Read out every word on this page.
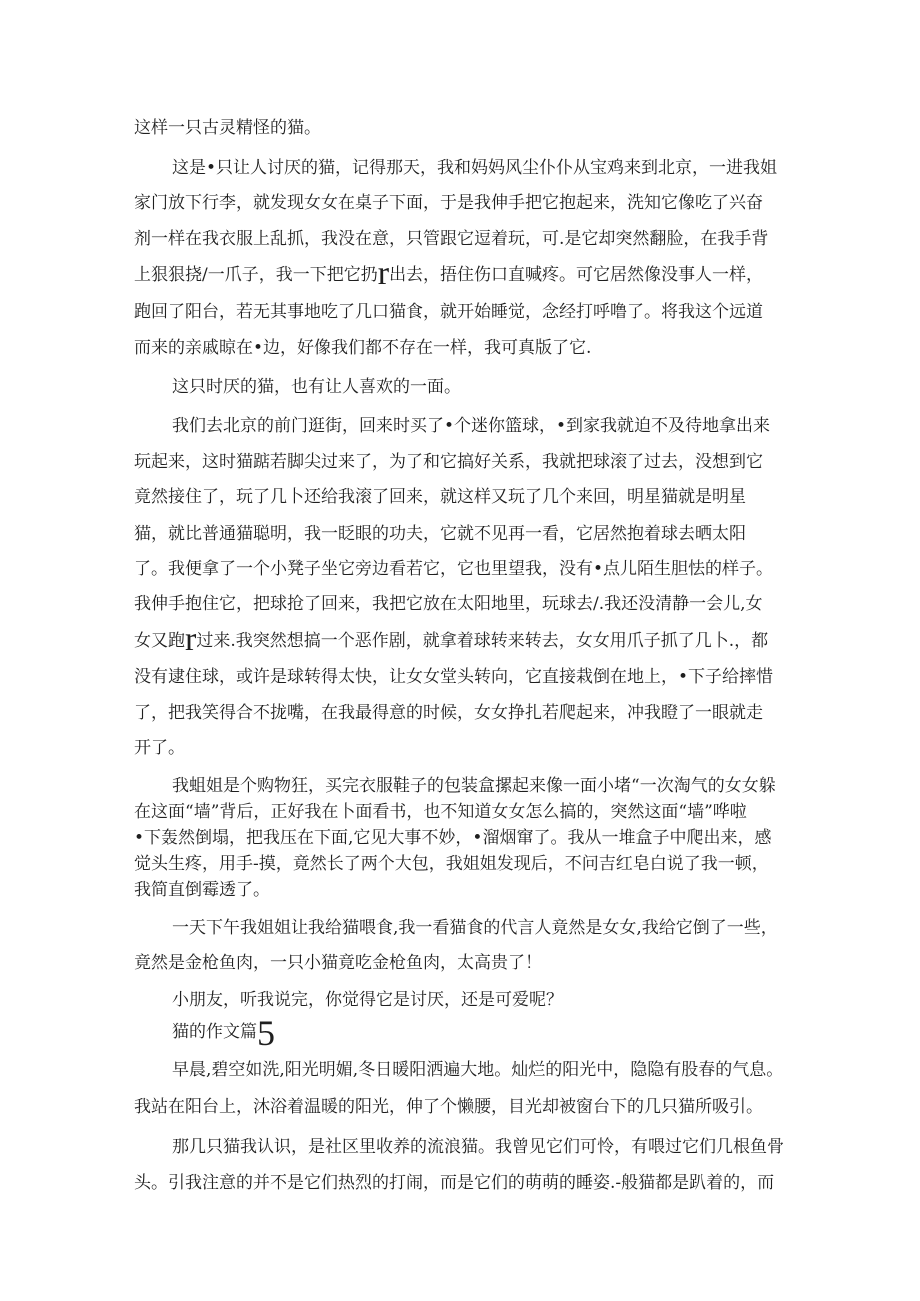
这样一只古灵精怪的猫。
这是•只让人讨厌的猫，记得那天，我和妈妈风尘仆仆从宝鸡来到北京，一进我姐
家门放下行李，就发现女女在桌子下面，于是我伸手把它抱起来，洗知它像吃了兴奋
剂一样在我衣服上乱抓，我没在意，只管跟它逗着玩，可.是它却突然翻脸，在我手背
上狠狠挠/一爪子，我一下把它扔r出去，捂住伤口直喊疼。可它居然像没事人一样，
跑回了阳台，若无其事地吃了几口猫食，就开始睡觉，念经打呼噜了。将我这个远道
而来的亲戚晾在•边，好像我们都不存在一样，我可真版了它.
这只时厌的猫，也有让人喜欢的一面。
我们去北京的前门逛街，回来时买了•个迷你篮球，•到家我就迫不及待地拿出来
玩起来，这时猫踮若脚尖过来了，为了和它搞好关系，我就把球滚了过去，没想到它
竟然接住了，玩了几卜还给我滚了回来，就这样又玩了几个来回，明星猫就是明星
猫，就比普通猫聪明，我一眨眼的功夫，它就不见再一看，它居然抱着球去晒太阳
了。我便拿了一个小凳子坐它旁边看若它，它也里望我，没有•点儿陌生胆怯的样子。
我伸手抱住它，把球抢了回来，我把它放在太阳地里，玩球去/.我还没清静一会儿,女
女又跑r过来.我突然想搞一个恶作剧，就拿着球转来转去，女女用爪子抓了几卜.，都
没有逮住球，或许是球转得太快，让女女堂头转向，它直接栽倒在地上，•下子给摔惜
了，把我笑得合不拢嘴，在我最得意的时候，女女挣扎若爬起来，冲我瞪了一眼就走
开了。
我蛆姐是个购物狂，买完衣服鞋子的包装盒摞起来像一面小堵“一次淘气的女女躲
在这面“墙”背后，正好我在卜面看书，也不知道女女怎么搞的，突然这面“墙”哗啦
•下轰然倒塌，把我压在下面,它见大事不妙，•溜烟窜了。我从一堆盒子中爬出来，感
觉头生疼，用手-摸，竟然长了两个大包，我姐姐发现后，不问吉红皂白说了我一顿，
我简直倒霉透了。
一天下午我姐姐让我给猫喂食,我一看猫食的代言人竟然是女女,我给它倒了一些，
竟然是金枪鱼肉，一只小猫竟吃金枪鱼肉，太高贵了！
小朋友，听我说完，你觉得它是讨厌，还是可爱呢？
猫的作文篇5
早晨,碧空如洗,阳光明媚,冬日暖阳洒遍大地。灿烂的阳光中，隐隐有股春的气息。
我站在阳台上，沐浴着温暖的阳光，伸了个懒腰，目光却被窗台下的几只猫所吸引。
那几只猫我认识，是社区里收养的流浪猫。我曾见它们可怜，有喂过它们几根鱼骨
头。引我注意的并不是它们热烈的打闹，而是它们的萌萌的睡姿.-般猫都是趴着的，而
